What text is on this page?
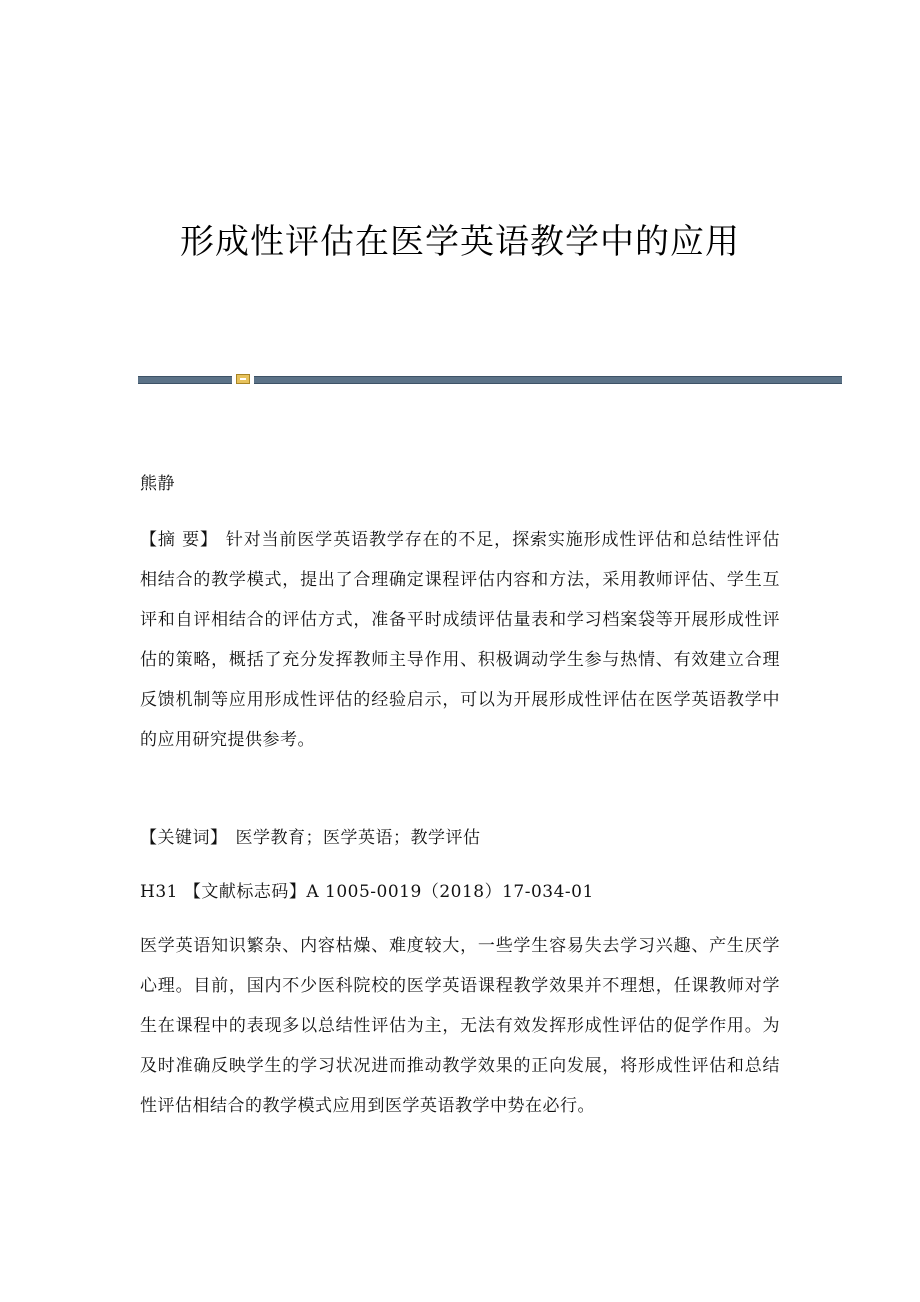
形成性评估在医学英语教学中的应用

熊静

【摘 要】 针对当前医学英语教学存在的不足，探索实施形成性评估和总结性评估相结合的教学模式，提出了合理确定课程评估内容和方法，采用教师评估、学生互评和自评相结合的评估方式，准备平时成绩评估量表和学习档案袋等开展形成性评估的策略，概括了充分发挥教师主导作用、积极调动学生参与热情、有效建立合理反馈机制等应用形成性评估的经验启示，可以为开展形成性评估在医学英语教学中的应用研究提供参考。

【关键词】 医学教育；医学英语；教学评估

H31 【文献标志码】A 1005-0019（2018）17-034-01

医学英语知识繁杂、内容枯燥、难度较大，一些学生容易失去学习兴趣、产生厌学心理。目前，国内不少医科院校的医学英语课程教学效果并不理想，任课教师对学生在课程中的表现多以总结性评估为主，无法有效发挥形成性评估的促学作用。为及时准确反映学生的学习状况进而推动教学效果的正向发展，将形成性评估和总结性评估相结合的教学模式应用到医学英语教学中势在必行。
